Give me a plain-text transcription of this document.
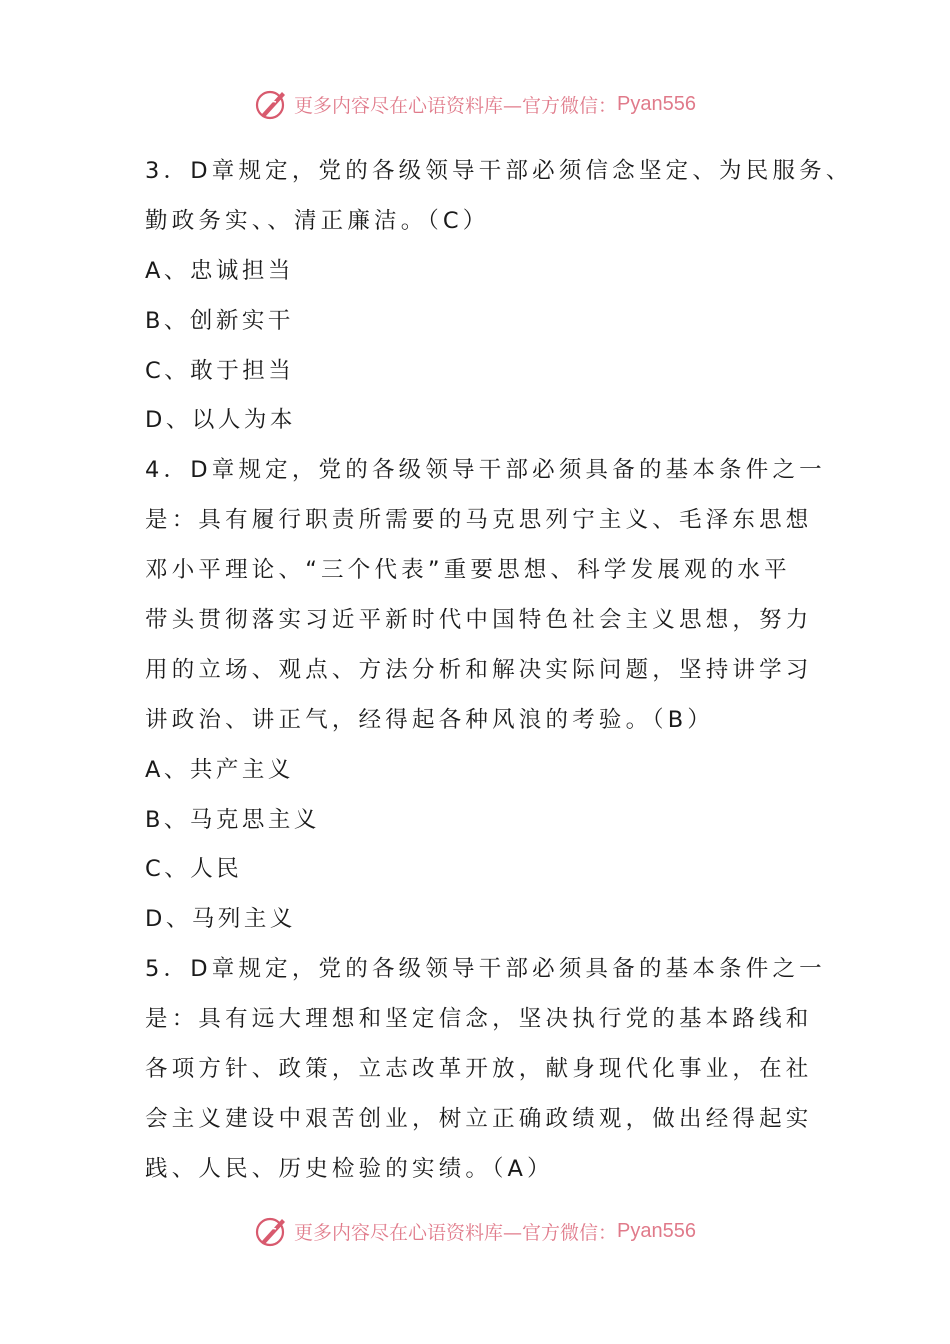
更多内容尽在心语资料库—官方微信： Pyan556
3．D章规定，党的各级领导干部必须信念坚定、为民服务、
勤政务实、、清正廉洁。（C）
A、忠诚担当
B、创新实干
C、敢于担当
D、以人为本
4．D章规定，党的各级领导干部必须具备的基本条件之一
是：具有履行职责所需要的马克思列宁主义、毛泽东思想
邓小平理论、“三个代表”重要思想、科学发展观的水平
带头贯彻落实习近平新时代中国特色社会主义思想，努力
用的立场、观点、方法分析和解决实际问题，坚持讲学习
讲政治、讲正气，经得起各种风浪的考验。（B）
A、共产主义
B、马克思主义
C、人民
D、马列主义
5．D章规定，党的各级领导干部必须具备的基本条件之一
是：具有远大理想和坚定信念，坚决执行党的基本路线和
各项方针、政策，立志改革开放，献身现代化事业，在社
会主义建设中艰苦创业，树立正确政绩观，做出经得起实
践、人民、历史检验的实绩。（A）
更多内容尽在心语资料库—官方微信： Pyan556
